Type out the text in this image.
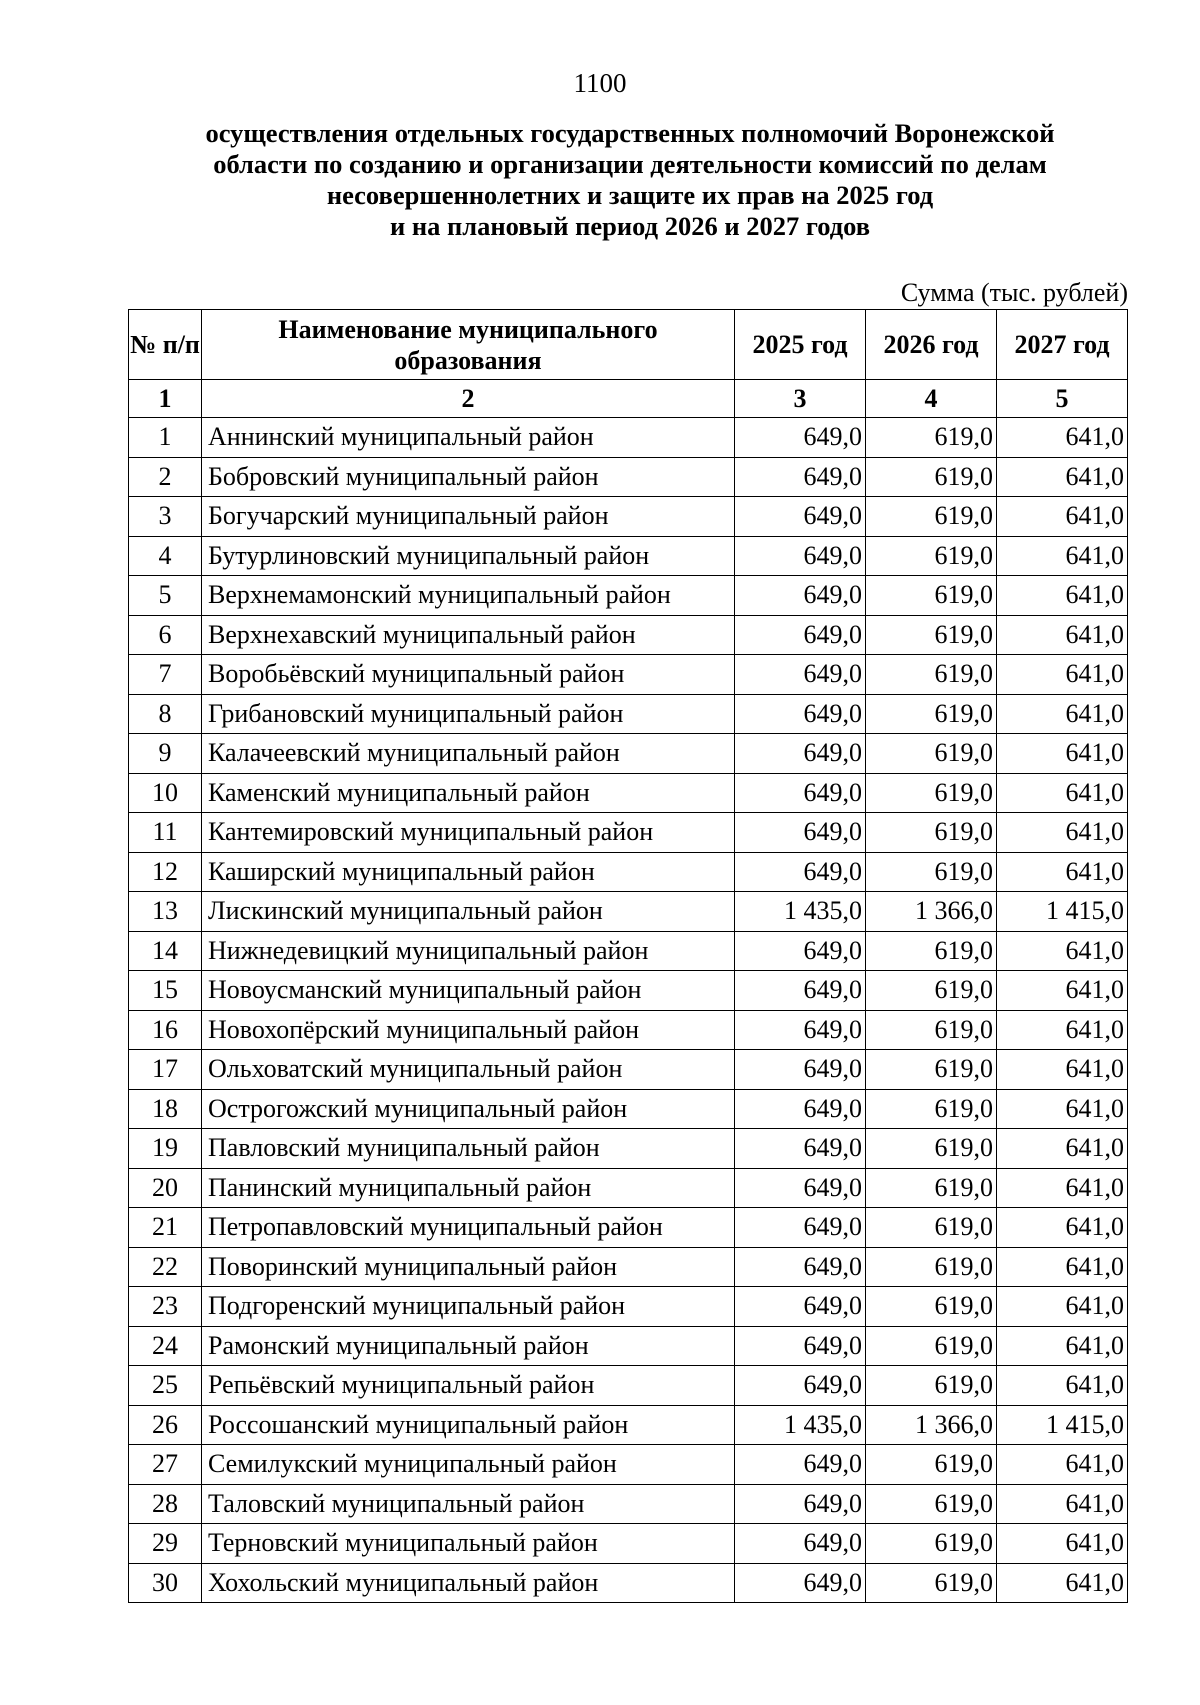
1100
осуществления отдельных государственных полномочий Воронежской
области по созданию и организации деятельности комиссий по делам
несовершеннолетних и защите их прав на 2025 год
и на плановый период 2026 и 2027 годов
Сумма (тыс. рублей)
№ п/п	Наименование муниципального образования	2025 год	2026 год	2027 год
1	2	3	4	5
1	Аннинский муниципальный район	649,0	619,0	641,0
2	Бобровский муниципальный район	649,0	619,0	641,0
3	Богучарский муниципальный район	649,0	619,0	641,0
4	Бутурлиновский муниципальный район	649,0	619,0	641,0
5	Верхнемамонский муниципальный район	649,0	619,0	641,0
6	Верхнехавский муниципальный район	649,0	619,0	641,0
7	Воробьёвский муниципальный район	649,0	619,0	641,0
8	Грибановский муниципальный район	649,0	619,0	641,0
9	Калачеевский муниципальный район	649,0	619,0	641,0
10	Каменский муниципальный район	649,0	619,0	641,0
11	Кантемировский муниципальный район	649,0	619,0	641,0
12	Каширский муниципальный район	649,0	619,0	641,0
13	Лискинский муниципальный район	1 435,0	1 366,0	1 415,0
14	Нижнедевицкий муниципальный район	649,0	619,0	641,0
15	Новоусманский муниципальный район	649,0	619,0	641,0
16	Новохопёрский муниципальный район	649,0	619,0	641,0
17	Ольховатский муниципальный район	649,0	619,0	641,0
18	Острогожский муниципальный район	649,0	619,0	641,0
19	Павловский муниципальный район	649,0	619,0	641,0
20	Панинский муниципальный район	649,0	619,0	641,0
21	Петропавловский муниципальный район	649,0	619,0	641,0
22	Поворинский муниципальный район	649,0	619,0	641,0
23	Подгоренский муниципальный район	649,0	619,0	641,0
24	Рамонский муниципальный район	649,0	619,0	641,0
25	Репьёвский муниципальный район	649,0	619,0	641,0
26	Россошанский муниципальный район	1 435,0	1 366,0	1 415,0
27	Семилукский муниципальный район	649,0	619,0	641,0
28	Таловский муниципальный район	649,0	619,0	641,0
29	Терновский муниципальный район	649,0	619,0	641,0
30	Хохольский муниципальный район	649,0	619,0	641,0
